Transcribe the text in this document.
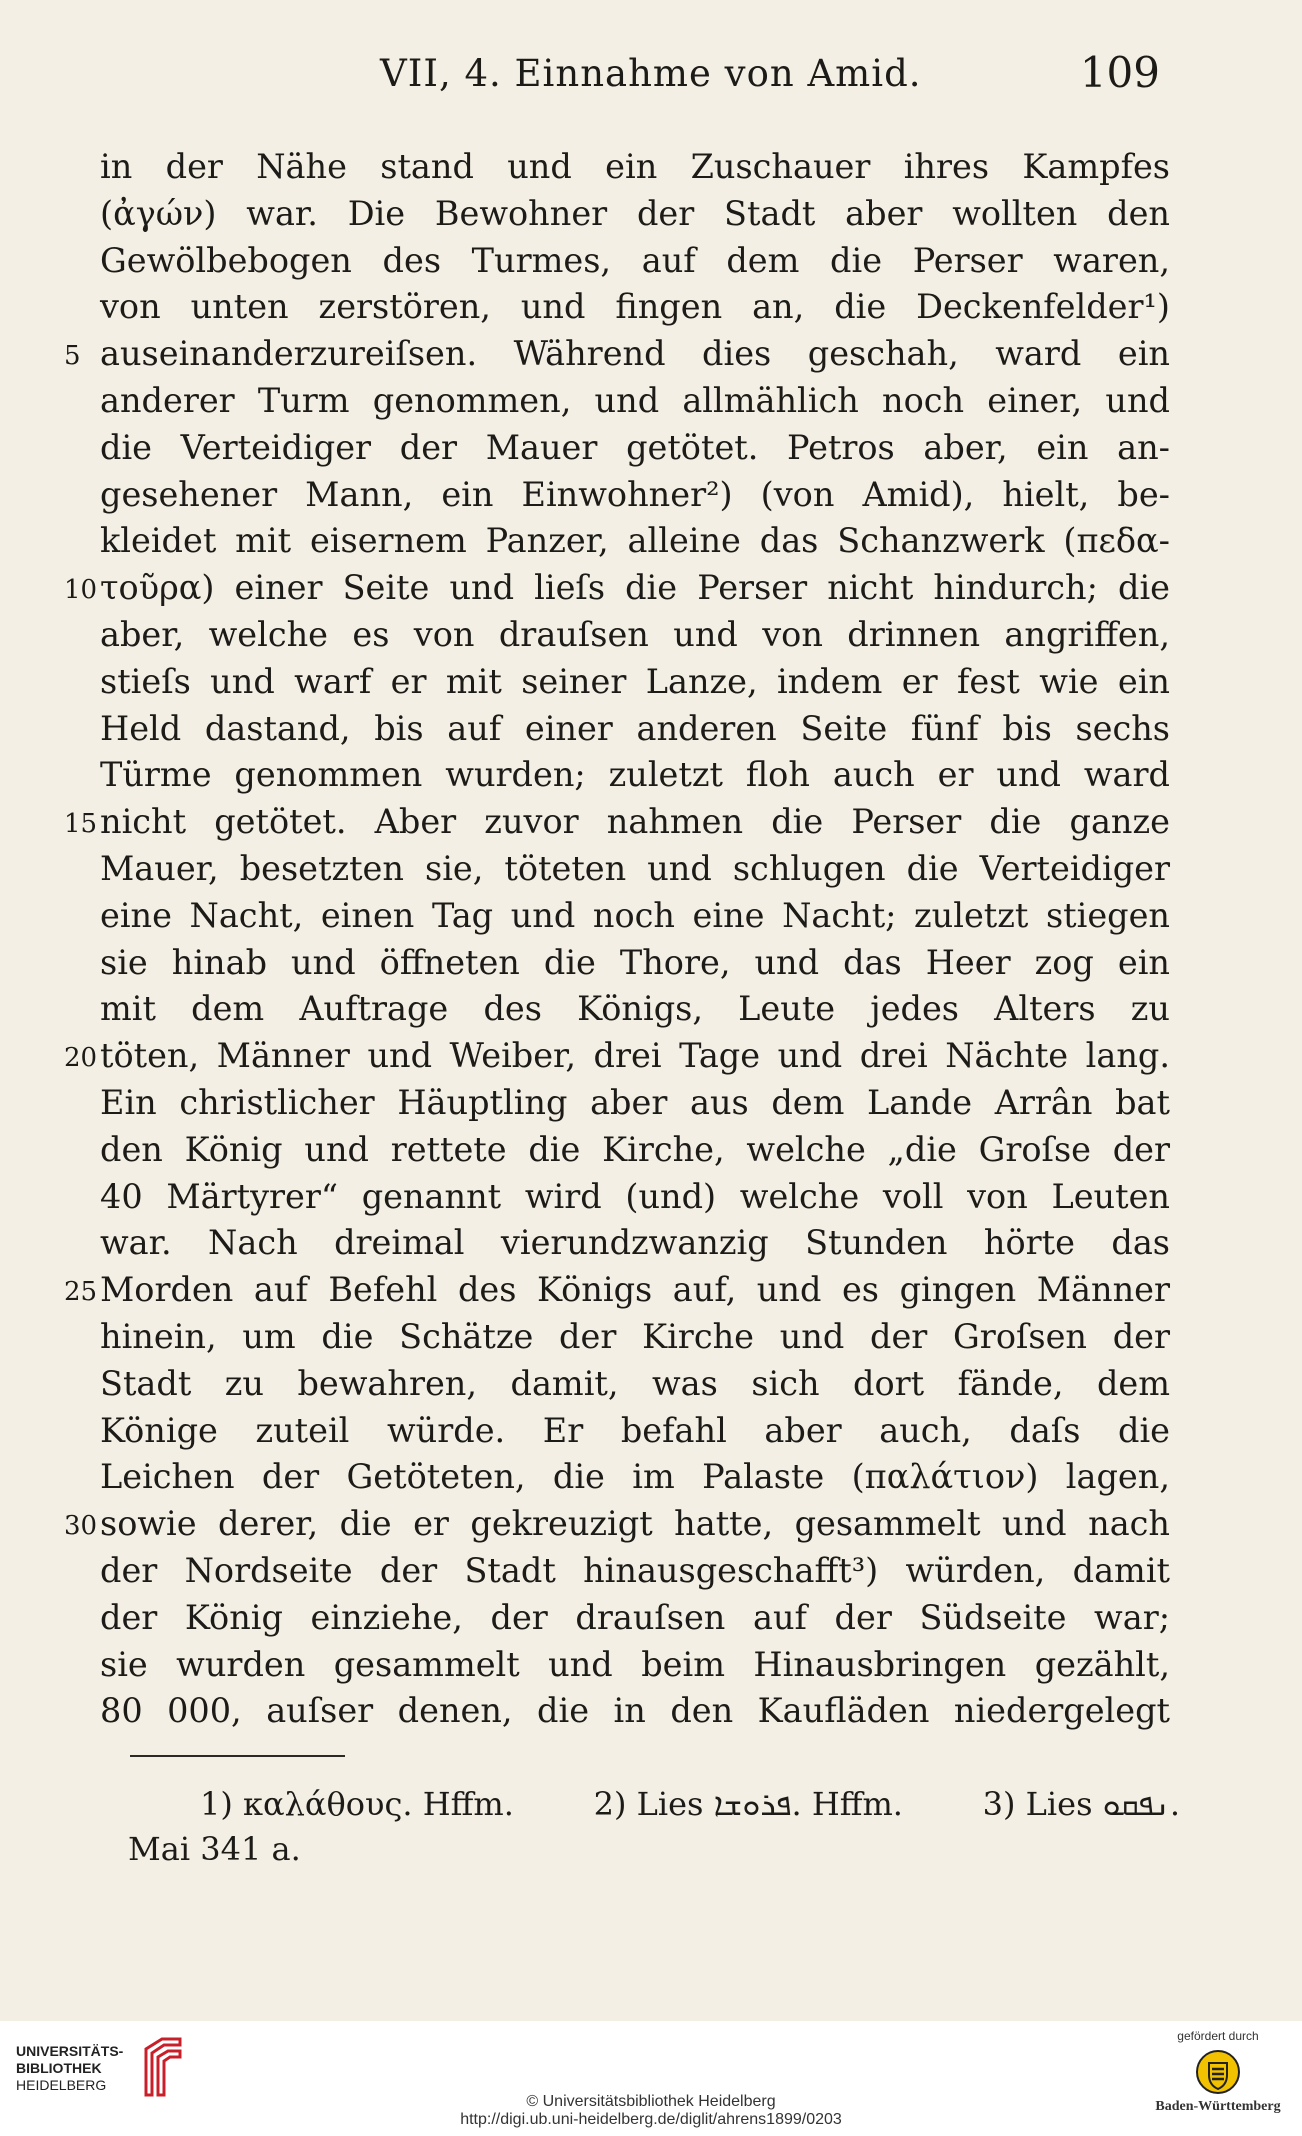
VII, 4. Einnahme von Amid.	109
in der Nähe stand und ein Zuschauer ihres Kampfes
(ἀγών) war. Die Bewohner der Stadt aber wollten den
Gewölbebogen des Turmes, auf dem die Perser waren,
von unten zerstören, und fingen an, die Deckenfelder¹)
5 auseinanderzureiſsen. Während dies geschah, ward ein
anderer Turm genommen, und allmählich noch einer, und
die Verteidiger der Mauer getötet. Petros aber, ein an-
gesehener Mann, ein Einwohner²) (von Amid), hielt, be-
kleidet mit eisernem Panzer, alleine das Schanzwerk (πεδα-
10 τοῦρα) einer Seite und lieſs die Perser nicht hindurch; die
aber, welche es von drauſsen und von drinnen angriffen,
stieſs und warf er mit seiner Lanze, indem er fest wie ein
Held dastand, bis auf einer anderen Seite fünf bis sechs
Türme genommen wurden; zuletzt floh auch er und ward
15 nicht getötet. Aber zuvor nahmen die Perser die ganze
Mauer, besetzten sie, töteten und schlugen die Verteidiger
eine Nacht, einen Tag und noch eine Nacht; zuletzt stiegen
sie hinab und öffneten die Thore, und das Heer zog ein
mit dem Auftrage des Königs, Leute jedes Alters zu
20 töten, Männer und Weiber, drei Tage und drei Nächte lang.
Ein christlicher Häuptling aber aus dem Lande Arrân bat
den König und rettete die Kirche, welche „die Groſse der
40 Märtyrer“ genannt wird (und) welche voll von Leuten
war. Nach dreimal vierundzwanzig Stunden hörte das
25 Morden auf Befehl des Königs auf, und es gingen Männer
hinein, um die Schätze der Kirche und der Groſsen der
Stadt zu bewahren, damit, was sich dort fände, dem
Könige zuteil würde. Er befahl aber auch, daſs die
Leichen der Getöteten, die im Palaste (παλάτιον) lagen,
30 sowie derer, die er gekreuzigt hatte, gesammelt und nach
der Nordseite der Stadt hinausgeschafft³) würden, damit
der König einziehe, der drauſsen auf der Südseite war;
sie wurden gesammelt und beim Hinausbringen gezählt,
80 000, auſser denen, die in den Kaufläden niedergelegt
1) καλάθους. Hffm. 2) Lies ܦܪܘܫܐ. Hffm. 3) Lies ܢܦܩܘ.
Mai 341 a.
UNIVERSITÄTS-
BIBLIOTHEK
HEIDELBERG
© Universitätsbibliothek Heidelberg
http://digi.ub.uni-heidelberg.de/diglit/ahrens1899/0203
gefördert durch
Baden-Württemberg
